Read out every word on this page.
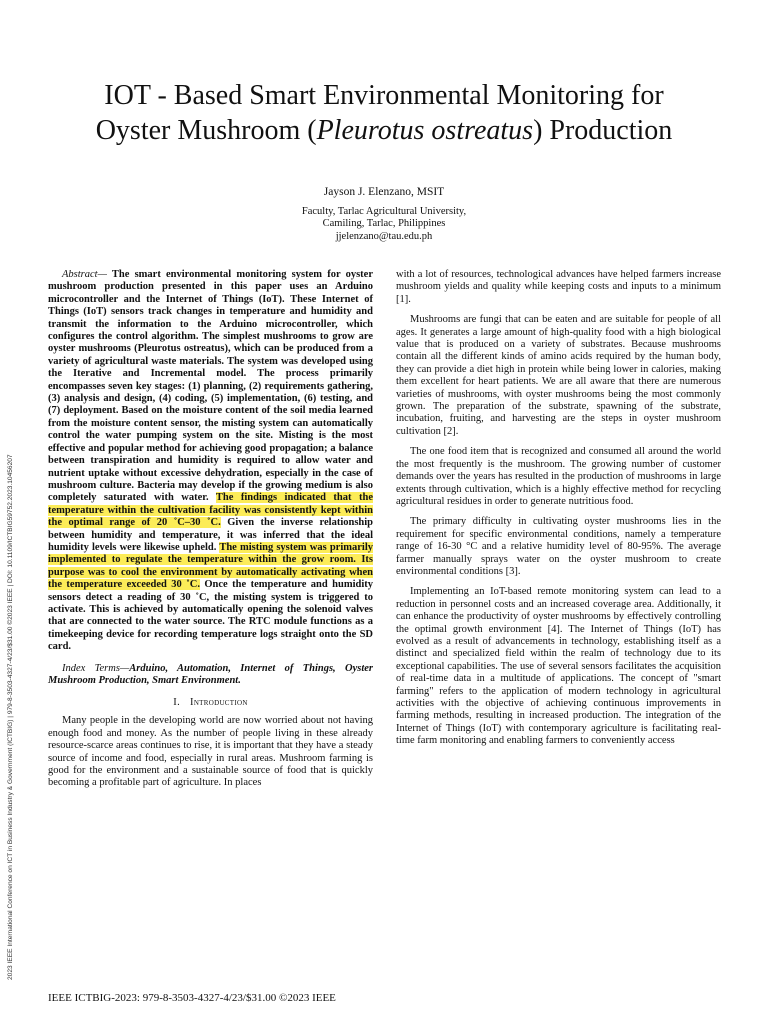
IOT - Based Smart Environmental Monitoring for
Oyster Mushroom (Pleurotus ostreatus) Production
Jayson J. Elenzano, MSIT
Faculty, Tarlac Agricultural University,
Camiling, Tarlac, Philippines
jjelenzano@tau.edu.ph
2023 IEEE International Conference on ICT in Business Industry & Government (ICTBIG) | 979-8-3503-4327-4/23/$31.00 ©2023 IEEE | DOI: 10.1109/ICTBIG59752.2023.10456207

Abstract— The smart environmental monitoring system for oyster mushroom production presented in this paper uses an Arduino microcontroller and the Internet of Things (IoT). These Internet of Things (IoT) sensors track changes in temperature and humidity and transmit the information to the Arduino microcontroller, which configures the control algorithm. The simplest mushrooms to grow are oyster mushrooms (Pleurotus ostreatus), which can be produced from a variety of agricultural waste materials. The system was developed using the Iterative and Incremental model. The process primarily encompasses seven key stages: (1) planning, (2) requirements gathering, (3) analysis and design, (4) coding, (5) implementation, (6) testing, and (7) deployment. Based on the moisture content of the soil media learned from the moisture content sensor, the misting system can automatically control the water pumping system on the site. Misting is the most effective and popular method for achieving good propagation; a balance between transpiration and humidity is required to allow water and nutrient uptake without excessive dehydration, especially in the case of mushroom culture. Bacteria may develop if the growing medium is also completely saturated with water. The findings indicated that the temperature within the cultivation facility was consistently kept within the optimal range of 20 ˚C–30 ˚C. Given the inverse relationship between humidity and temperature, it was inferred that the ideal humidity levels were likewise upheld. The misting system was primarily implemented to regulate the temperature within the grow room. Its purpose was to cool the environment by automatically activating when the temperature exceeded 30 ˚C. Once the temperature and humidity sensors detect a reading of 30 ˚C, the misting system is triggered to activate. This is achieved by automatically opening the solenoid valves that are connected to the water source. The RTC module functions as a timekeeping device for recording temperature logs straight onto the SD card.

Index Terms—Arduino, Automation, Internet of Things, Oyster Mushroom Production, Smart Environment.

I. Introduction

Many people in the developing world are now worried about not having enough food and money. As the number of people living in these already resource-scarce areas continues to rise, it is important that they have a steady source of income and food, especially in rural areas. Mushroom farming is good for the environment and a sustainable source of food that is quickly becoming a profitable part of agriculture. In places

with a lot of resources, technological advances have helped farmers increase mushroom yields and quality while keeping costs and inputs to a minimum [1].

Mushrooms are fungi that can be eaten and are suitable for people of all ages. It generates a large amount of high-quality food with a high biological value that is produced on a variety of substrates. Because mushrooms contain all the different kinds of amino acids required by the human body, they can provide a diet high in protein while being lower in calories, making them excellent for heart patients. We are all aware that there are numerous varieties of mushrooms, with oyster mushrooms being the most commonly grown. The preparation of the substrate, spawning of the substrate, incubation, fruiting, and harvesting are the steps in oyster mushroom cultivation [2].

The one food item that is recognized and consumed all around the world the most frequently is the mushroom. The growing number of customer demands over the years has resulted in the production of mushrooms in large extents through cultivation, which is a highly effective method for recycling agricultural residues in order to generate nutritious food.

The primary difficulty in cultivating oyster mushrooms lies in the requirement for specific environmental conditions, namely a temperature range of 16-30 °C and a relative humidity level of 80-95%. The average farmer manually sprays water on the oyster mushroom to create environmental conditions [3].

Implementing an IoT-based remote monitoring system can lead to a reduction in personnel costs and an increased coverage area. Additionally, it can enhance the productivity of oyster mushrooms by effectively controlling the optimal growth environment [4]. The Internet of Things (IoT) has evolved as a result of advancements in technology, establishing itself as a distinct and specialized field within the realm of technology due to its exceptional capabilities. The use of several sensors facilitates the acquisition of real-time data in a multitude of applications. The concept of "smart farming" refers to the application of modern technology in agricultural activities with the objective of achieving continuous improvements in farming methods, resulting in increased production. The integration of the Internet of Things (IoT) with contemporary agriculture is facilitating real-time farm monitoring and enabling farmers to conveniently access

IEEE ICTBIG-2023: 979-8-3503-4327-4/23/$31.00 ©2023 IEEE
